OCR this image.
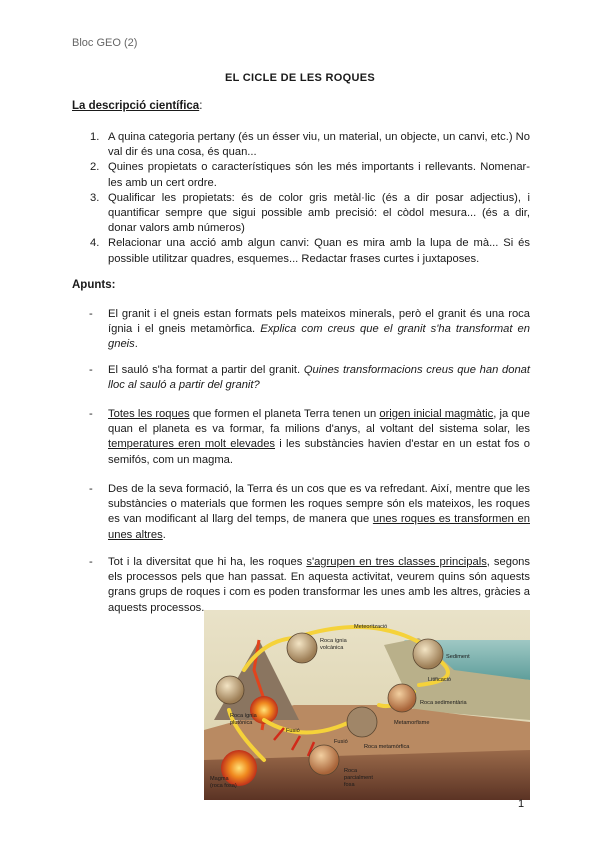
Bloc GEO (2)
EL CICLE DE LES ROQUES
La descripció científica:
1. A quina categoria pertany (és un ésser viu, un material, un objecte, un canvi, etc.) No val dir és una cosa, és quan...
2. Quines propietats o característiques són les més importants i rellevants. Nomenar-les amb un cert ordre.
3. Qualificar les propietats: és de color gris metàl·lic (és a dir posar adjectius), i quantificar sempre que sigui possible amb precisió: el còdol mesura... (és a dir, donar valors amb números)
4. Relacionar una acció amb algun canvi: Quan es mira amb la lupa de mà... Si és possible utilitzar quadres, esquemes... Redactar frases curtes i juxtaposes.
Apunts:
- El granit i el gneis estan formats pels mateixos minerals, però el granit és una roca ígnia i el gneis metamòrfica. Explica com creus que el granit s'ha transformat en gneis.
- El sauló s'ha format a partir del granit. Quines transformacions creus que han donat lloc al sauló a partir del granit?
- Totes les roques que formen el planeta Terra tenen un origen inicial magmàtic, ja que quan el planeta es va formar, fa milions d'anys, al voltant del sistema solar, les temperatures eren molt elevades i les substàncies havien d'estar en un estat fos o semifós, com un magma.
- Des de la seva formació, la Terra és un cos que es va refredant. Així, mentre que les substàncies o materials que formen les roques sempre són els mateixos, les roques es van modificant al llarg del temps, de manera que unes roques es transformen en unes altres.
- Tot i la diversitat que hi ha, les roques s'agrupen en tres classes principals, segons els processos pels que han passat. En aquesta activitat, veurem quins són aquests grans grups de roques i com es poden transformar les unes amb les altres, gràcies a aquests processos.
Meteorització
Roca ígnia
volcànica
Sediment
Litificació
Roca sedimentària
Metamorfisme
Roca metamòrfica
Roca ígnia
plutònica
Fusió
Fusió
Magma
(roca fosa)
Roca
parcialment
fosa
1
